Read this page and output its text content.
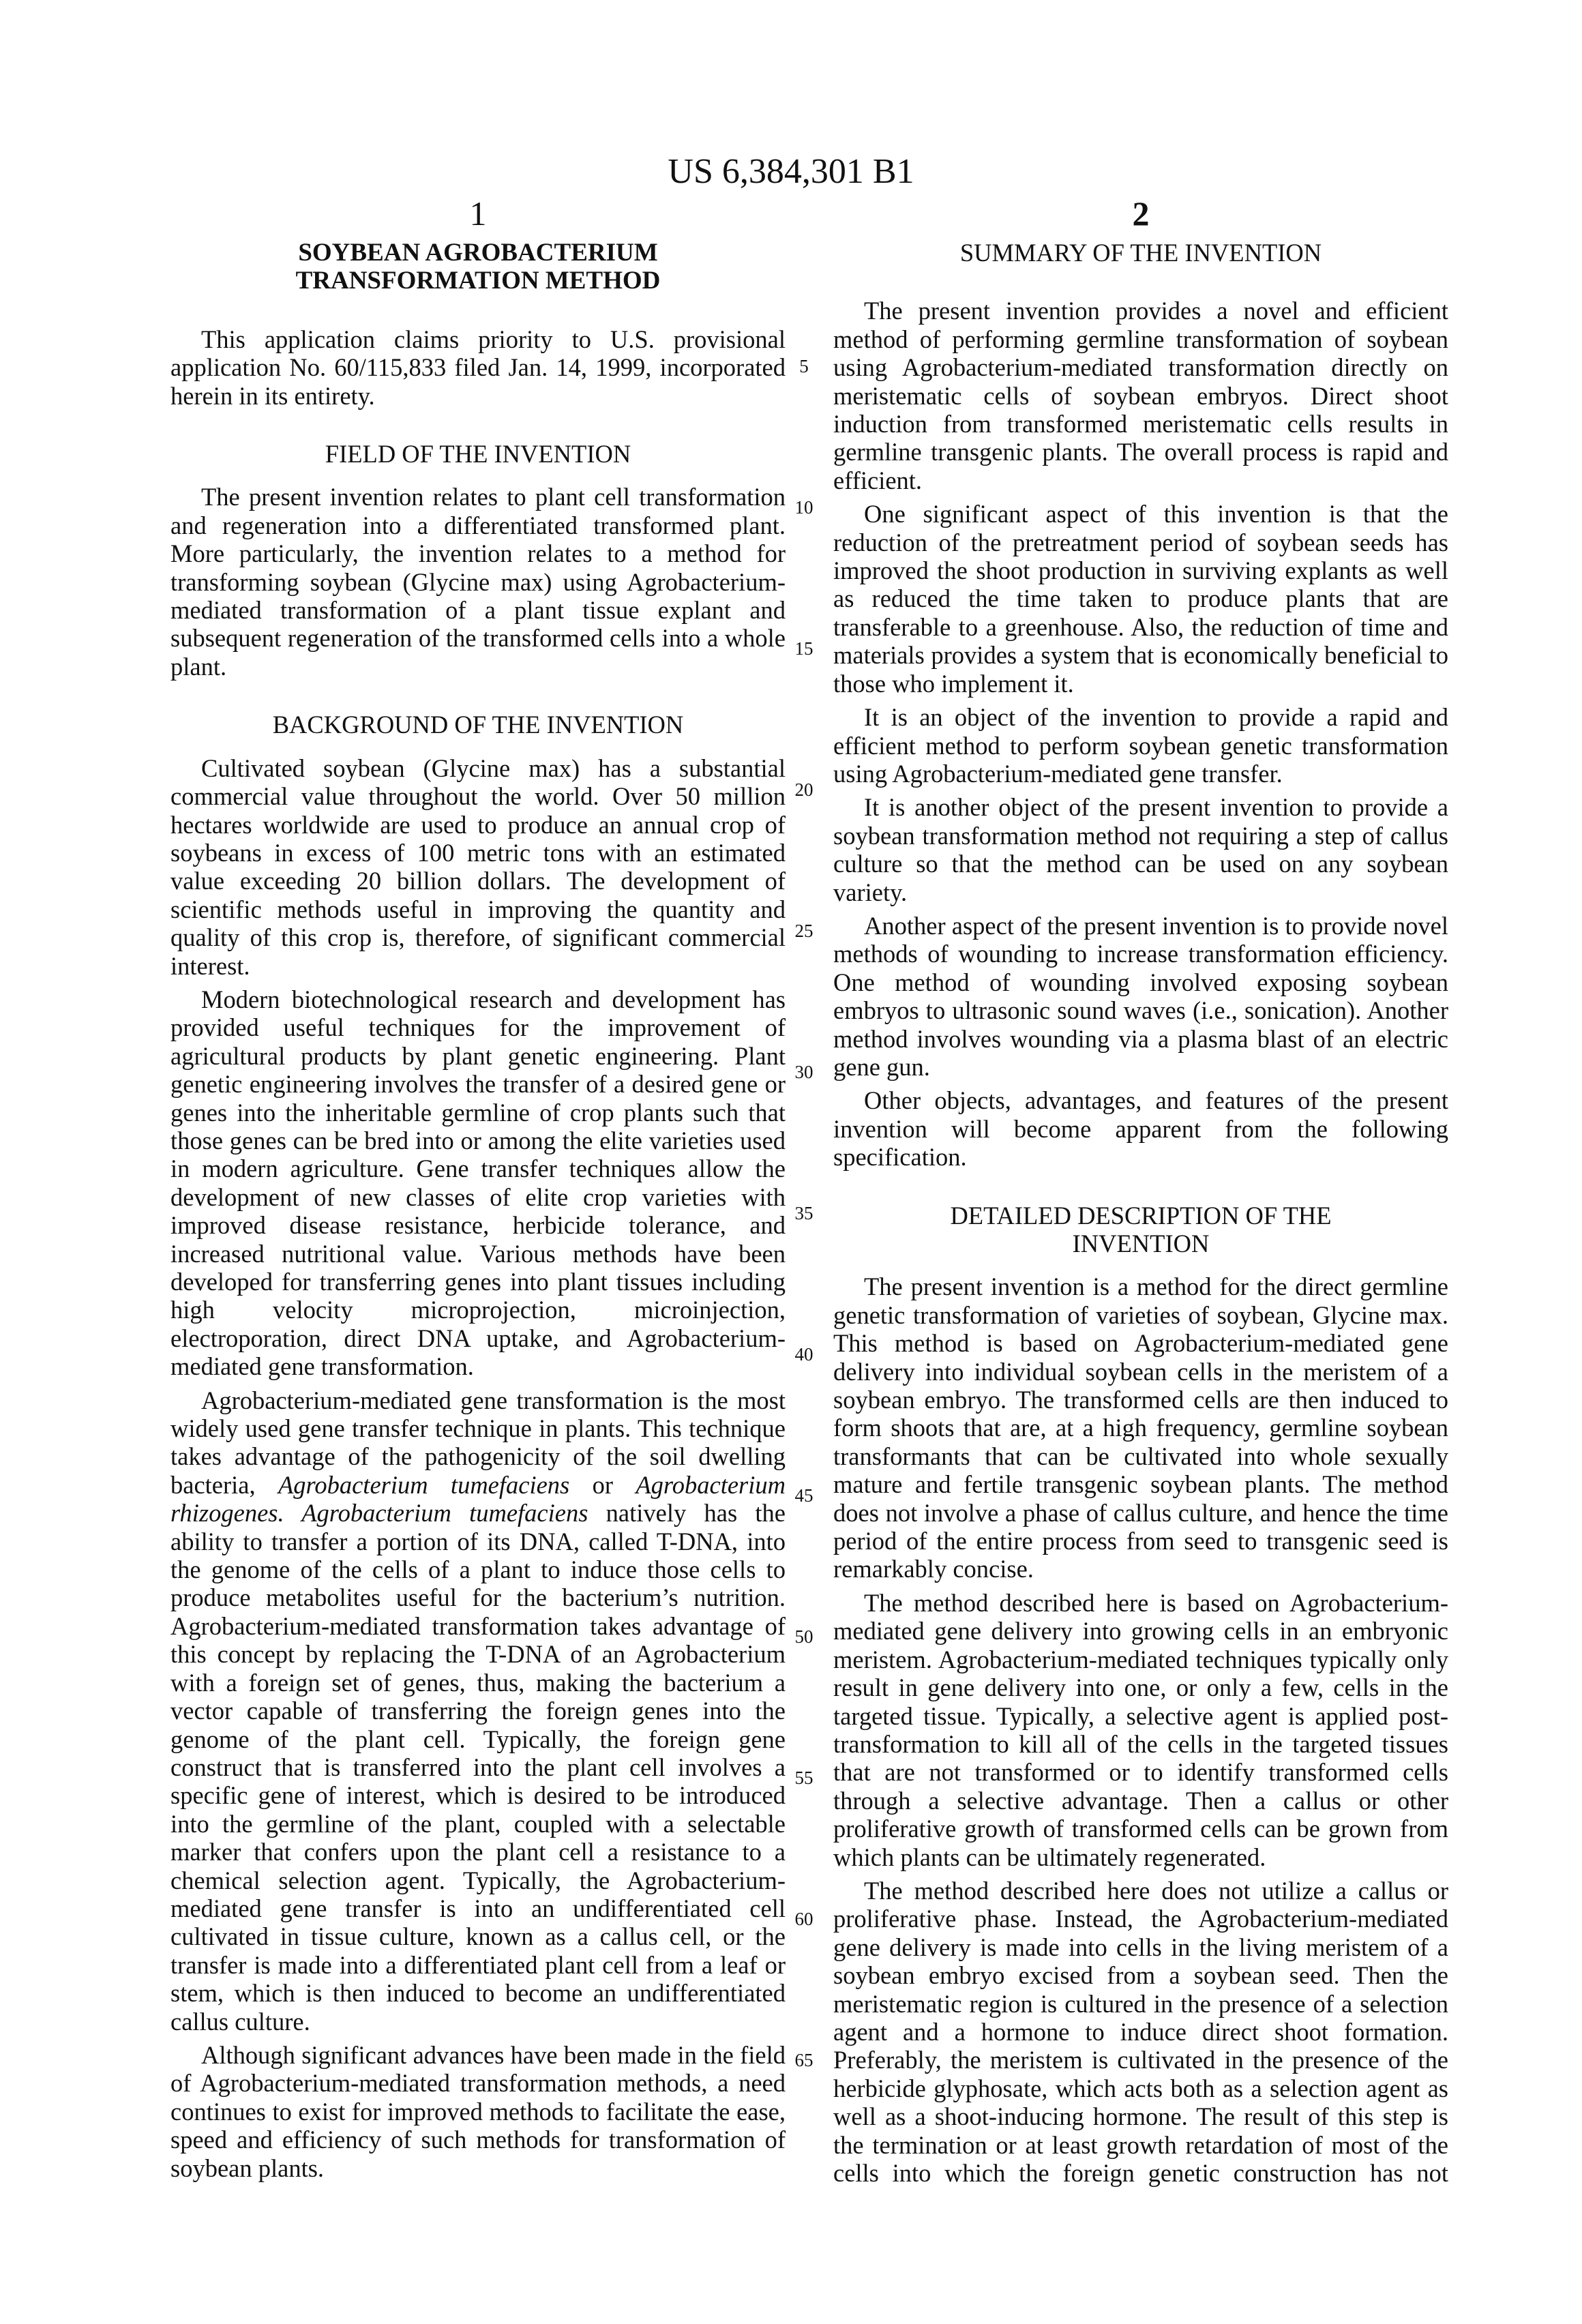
US 6,384,301 B1
1	2
SOYBEAN AGROBACTERIUM
TRANSFORMATION METHOD

This application claims priority to U.S. provisional application No. 60/115,833 filed Jan. 14, 1999, incorporated herein in its entirety.

FIELD OF THE INVENTION

The present invention relates to plant cell transformation and regeneration into a differentiated transformed plant. More particularly, the invention relates to a method for transforming soybean (Glycine max) using Agrobacterium-mediated transformation of a plant tissue explant and subsequent regeneration of the transformed cells into a whole plant.

BACKGROUND OF THE INVENTION

Cultivated soybean (Glycine max) has a substantial commercial value throughout the world. Over 50 million hectares worldwide are used to produce an annual crop of soybeans in excess of 100 metric tons with an estimated value exceeding 20 billion dollars. The development of scientific methods useful in improving the quantity and quality of this crop is, therefore, of significant commercial interest.

Modern biotechnological research and development has provided useful techniques for the improvement of agricultural products by plant genetic engineering. Plant genetic engineering involves the transfer of a desired gene or genes into the inheritable germline of crop plants such that those genes can be bred into or among the elite varieties used in modern agriculture. Gene transfer techniques allow the development of new classes of elite crop varieties with improved disease resistance, herbicide tolerance, and increased nutritional value. Various methods have been developed for transferring genes into plant tissues including high velocity microprojection, microinjection, electroporation, direct DNA uptake, and Agrobacterium-mediated gene transformation.

Agrobacterium-mediated gene transformation is the most widely used gene transfer technique in plants. This technique takes advantage of the pathogenicity of the soil dwelling bacteria, Agrobacterium tumefaciens or Agrobacterium rhizogenes. Agrobacterium tumefaciens natively has the ability to transfer a portion of its DNA, called T-DNA, into the genome of the cells of a plant to induce those cells to produce metabolites useful for the bacterium’s nutrition. Agrobacterium-mediated transformation takes advantage of this concept by replacing the T-DNA of an Agrobacterium with a foreign set of genes, thus, making the bacterium a vector capable of transferring the foreign genes into the genome of the plant cell. Typically, the foreign gene construct that is transferred into the plant cell involves a specific gene of interest, which is desired to be introduced into the germline of the plant, coupled with a selectable marker that confers upon the plant cell a resistance to a chemical selection agent. Typically, the Agrobacterium-mediated gene transfer is into an undifferentiated cell cultivated in tissue culture, known as a callus cell, or the transfer is made into a differentiated plant cell from a leaf or stem, which is then induced to become an undifferentiated callus culture.

Although significant advances have been made in the field of Agrobacterium-mediated transformation methods, a need continues to exist for improved methods to facilitate the ease, speed and efficiency of such methods for transformation of soybean plants.

5
10
15
20
25
30
35
40
45
50
55
60
65
SUMMARY OF THE INVENTION

The present invention provides a novel and efficient method of performing germline transformation of soybean using Agrobacterium-mediated transformation directly on meristematic cells of soybean embryos. Direct shoot induction from transformed meristematic cells results in germline transgenic plants. The overall process is rapid and efficient.

One significant aspect of this invention is that the reduction of the pretreatment period of soybean seeds has improved the shoot production in surviving explants as well as reduced the time taken to produce plants that are transferable to a greenhouse. Also, the reduction of time and materials provides a system that is economically beneficial to those who implement it.

It is an object of the invention to provide a rapid and efficient method to perform soybean genetic transformation using Agrobacterium-mediated gene transfer.

It is another object of the present invention to provide a soybean transformation method not requiring a step of callus culture so that the method can be used on any soybean variety.

Another aspect of the present invention is to provide novel methods of wounding to increase transformation efficiency. One method of wounding involved exposing soybean embryos to ultrasonic sound waves (i.e., sonication). Another method involves wounding via a plasma blast of an electric gene gun.

Other objects, advantages, and features of the present invention will become apparent from the following specification.

DETAILED DESCRIPTION OF THE
INVENTION

The present invention is a method for the direct germline genetic transformation of varieties of soybean, Glycine max. This method is based on Agrobacterium-mediated gene delivery into individual soybean cells in the meristem of a soybean embryo. The transformed cells are then induced to form shoots that are, at a high frequency, germline soybean transformants that can be cultivated into whole sexually mature and fertile transgenic soybean plants. The method does not involve a phase of callus culture, and hence the time period of the entire process from seed to transgenic seed is remarkably concise.

The method described here is based on Agrobacterium-mediated gene delivery into growing cells in an embryonic meristem. Agrobacterium-mediated techniques typically only result in gene delivery into one, or only a few, cells in the targeted tissue. Typically, a selective agent is applied post-transformation to kill all of the cells in the targeted tissues that are not transformed or to identify transformed cells through a selective advantage. Then a callus or other proliferative growth of transformed cells can be grown from which plants can be ultimately regenerated.

The method described here does not utilize a callus or proliferative phase. Instead, the Agrobacterium-mediated gene delivery is made into cells in the living meristem of a soybean embryo excised from a soybean seed. Then the meristematic region is cultured in the presence of a selection agent and a hormone to induce direct shoot formation. Preferably, the meristem is cultivated in the presence of the herbicide glyphosate, which acts both as a selection agent as well as a shoot-inducing hormone. The result of this step is the termination or at least growth retardation of most of the cells into which the foreign genetic construction has not
